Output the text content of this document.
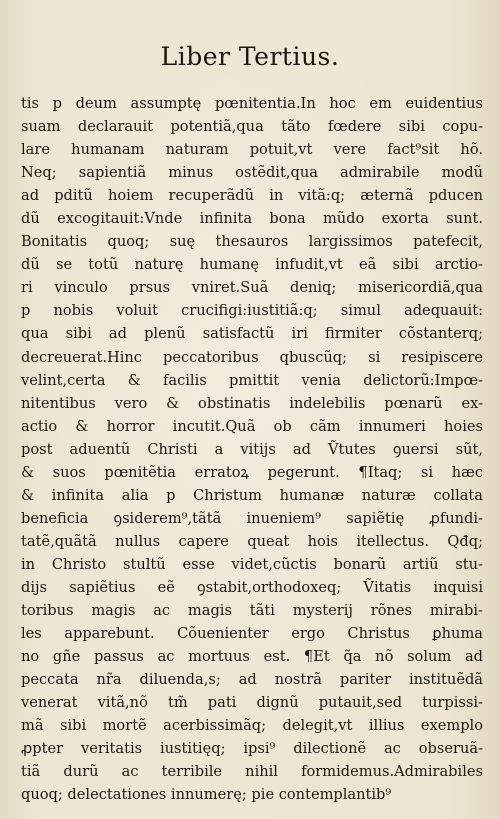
Liber Tertius.
tis p deum assumptę pœnitentia.In hoc em euidentius
suam declarauit potentiã,qua tãto fœdere sibi copu-
lare humanam naturam potuit,vt vere fact⁹sit hõ.
Neq; sapientiã minus ostẽdit,qua admirabile modũ
ad pditũ hoiem recuperãdũ in vitã:q; æternã pducen
dũ excogitauit:Vnde infinita bona mũdo exorta sunt.
Bonitatis quoq; suę thesauros largissimos patefecit,
dũ se totũ naturę humanę infudit,vt eã sibi arctio-
ri vinculo prsus vniret.Suã deniq; misericordiã,qua
p nobis voluit crucifigi:iustitiã:q; simul adequauit:
qua sibi ad plenũ satisfactũ iri firmiter cõstanterq;
decreuerat.Hinc peccatoribus qbuscũq; si resipiscere
velint,certa & facilis pmittit venia delictorũ:Impœ-
nitentibus vero & obstinatis indelebilis pœnarũ ex-
actio & horror incutit.Quã ob cãm innumeri hoies
post aduentũ Christi a vitijs ad Ṽtutes ꝯuersi sũt,
& suos pœnitẽtia erratoꝝ pegerunt. ¶Itaq; si hæc
& infinita alia p Christum humanæ naturæ collata
beneficia ꝯsiderem⁹,tãtã inueniem⁹ sapiẽtię ꝓfundi-
tatẽ,quãtã nullus capere queat hois itellectus. Qđq;
in Christo stultũ esse videt,cũctis bonarũ artiũ stu-
dijs sapiẽtius eẽ ꝯstabit,orthodoxeq; Ṽitatis inquisi
toribus magis ac magis tãti mysterij rõnes mirabi-
les apparebunt. Cõuenienter ergo Christus ꝑhuma
no gñe passus ac mortuus est. ¶Et q̃a nõ solum ad
peccata nr̃a diluenda,s; ad nostrã pariter instituẽdã
venerat vitã,nõ tm̃ pati dignũ putauit,sed turpissi-
mã sibi mortẽ acerbissimãq; delegit,vt illius exemplo
ꝓpter veritatis iustitięq; ipsi⁹ dilectionẽ ac obseruã-
tiã durũ ac terribile nihil formidemus.Admirabiles
quoq; delectationes innumerę; pie contemplantib⁹
